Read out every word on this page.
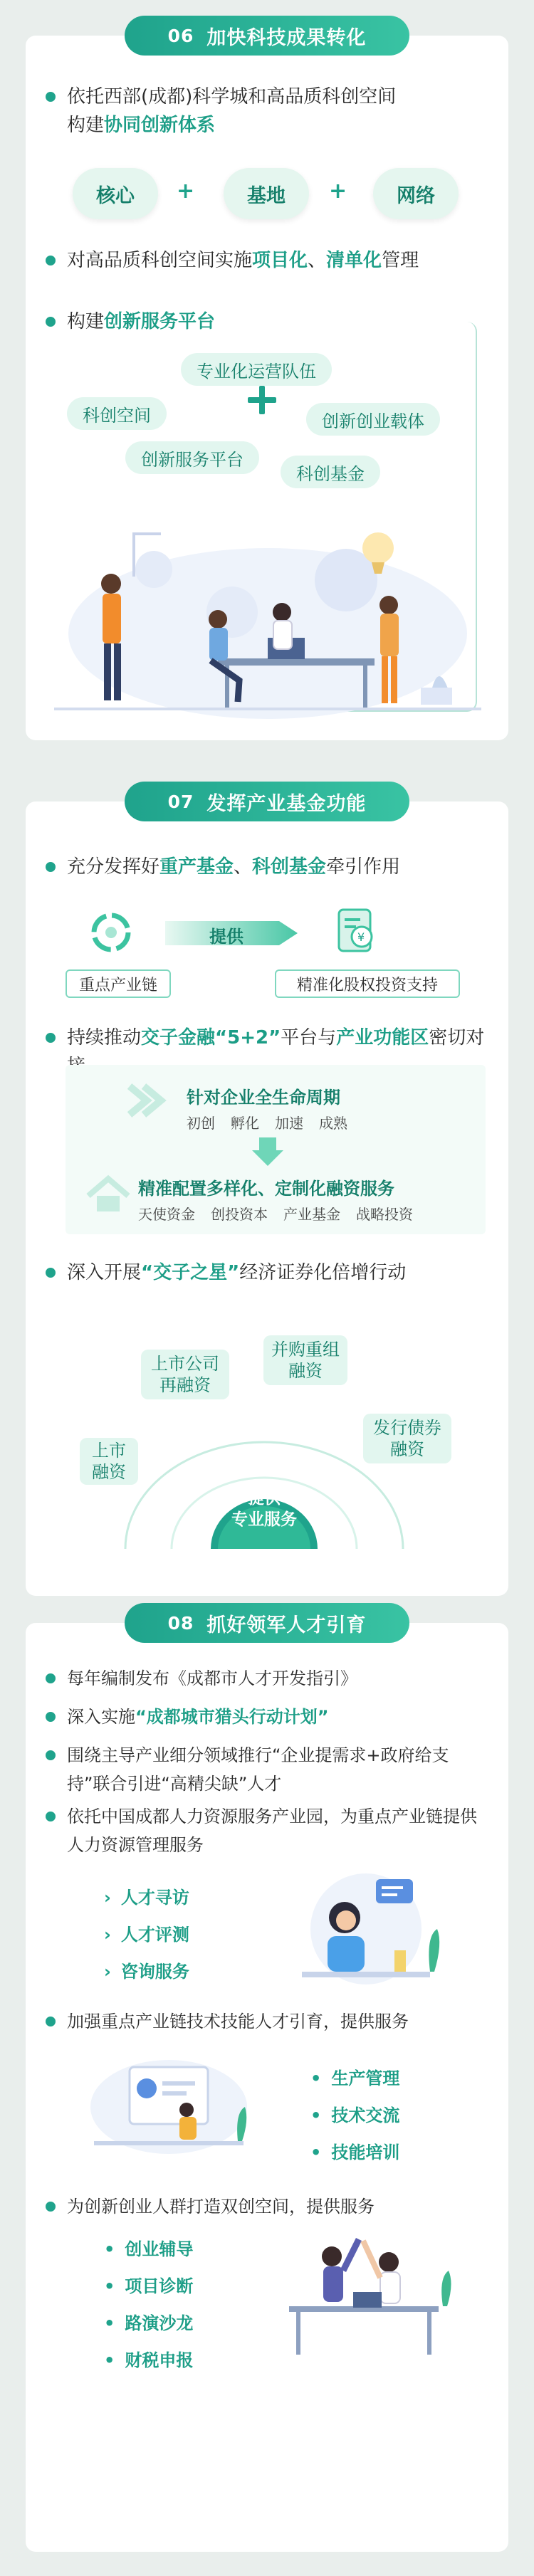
06 加快科技成果转化
依托西部(成都)科学城和高品质科创空间
构建协同创新体系
核心	+	基地	+	网络
对高品质科创空间实施项目化、清单化管理
构建创新服务平台
专业化运营队伍
科创空间	创新创业载体
创新服务平台
科创基金
07 发挥产业基金功能
充分发挥好重产基金、科创基金牵引作用
提供	¥
重点产业链	精准化股权投资支持
持续推动交子金融“5+2”平台与产业功能区密切对
针对企业全生命周期
初创 孵化 加速 成熟
精准配置多样化、定制化融资服务
天使资金 创投资本 产业基金 战略投资
深入开展“交子之星”经济证券化倍增行动
上市公司
再融资
并购重组
融资
上市
融资
发行债券
融资
提供
专业服务
08 抓好领军人才引育
每年编制发布《成都市人才开发指引》
深入实施“成都城市猎头行动计划”
围绕主导产业细分领域推行“企业提需求+政府给支持”联合引进“高精尖缺”人才
依托中国成都人力资源服务产业园，为重点产业链提供人力资源管理服务
› 人才寻访
› 人才评测
› 咨询服务
加强重点产业链技术技能人才引育，提供服务
• 生产管理
• 技术交流
• 技能培训
为创新创业人群打造双创空间，提供服务
• 创业辅导
• 项目诊断
• 路演沙龙
• 财税申报
